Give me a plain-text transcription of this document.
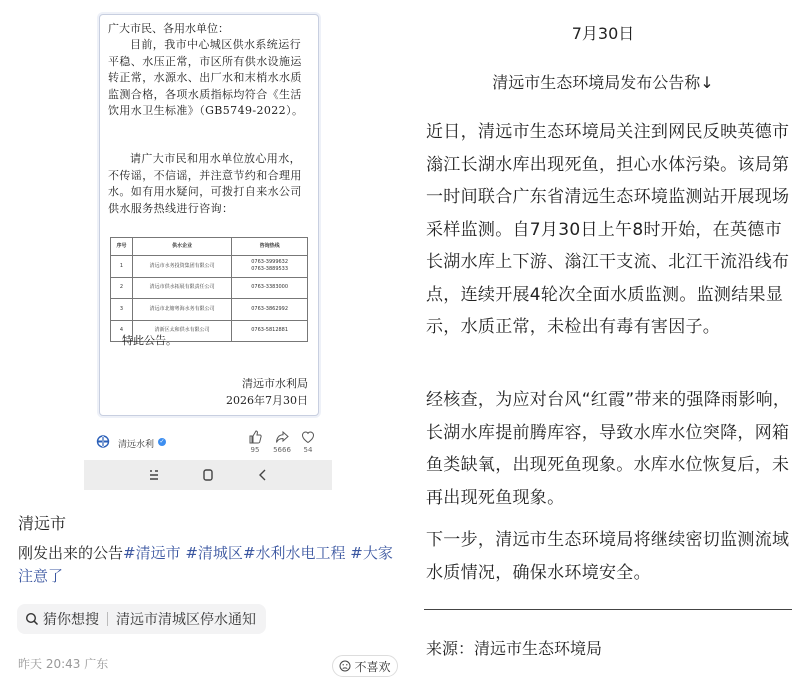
广大市民、各用水单位：
目前，我市中心城区供水系统运行平稳、水压正常，市区所有供水设施运转正常，水源水、出厂水和末梢水水质监测合格，各项水质指标均符合《生活饮用水卫生标准》（GB5749-2022）。
请广大市民和用水单位放心用水，不传谣，不信谣，并注意节约和合理用水。如有用水疑问，可拨打自来水公司供水服务热线进行咨询：
序号	供水企业	咨询热线
1	清远市水务投资集团有限公司	0763-3999632
0763-3889533
2	清远市供水拓展有限责任公司	0763-3383000
3	清远市北塘粤海水务有限公司	0763-3862992
4	清新区太和供水有限公司	0763-5812881
特此公告。
清远市水利局
2026年7月30日
清远水利 ✓
95	5666	54
清远市
刚发出来的公告#清远市 #清城区#水利水电工程 #大家注意了
猜你想搜 清远市清城区停水通知
昨天 20:43 广东	不喜欢
7月30日
清远市生态环境局发布公告称↓
近日，清远市生态环境局关注到网民反映英德市滃江长湖水库出现死鱼，担心水体污染。该局第一时间联合广东省清远生态环境监测站开展现场采样监测。自7月30日上午8时开始，在英德市长湖水库上下游、滃江干支流、北江干流沿线布点，连续开展4轮次全面水质监测。监测结果显示，水质正常，未检出有毒有害因子。
经核查，为应对台风“红霞”带来的强降雨影响，长湖水库提前腾库容，导致水库水位突降，网箱鱼类缺氧，出现死鱼现象。水库水位恢复后，未再出现死鱼现象。
下一步，清远市生态环境局将继续密切监测流域水质情况，确保水环境安全。
来源：清远市生态环境局
